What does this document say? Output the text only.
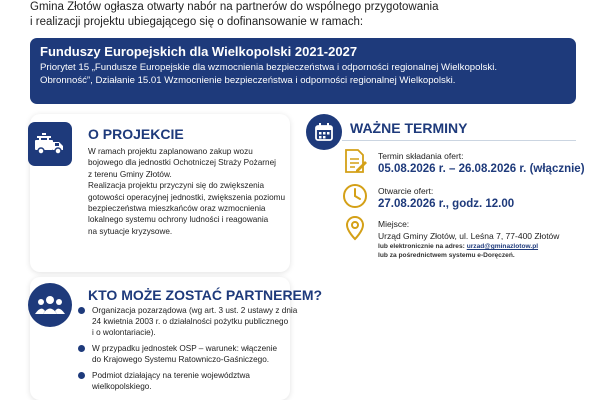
Gmina Złotów ogłasza otwarty nabór na partnerów do wspólnego przygotowania
i realizacji projektu ubiegającego się o dofinansowanie w ramach:
Funduszy Europejskich dla Wielkopolski 2021-2027
Priorytet 15 „Fundusze Europejskie dla wzmocnienia bezpieczeństwa i odporności regionalnej Wielkopolski.
Obronność”, Działanie 15.01 Wzmocnienie bezpieczeństwa i odporności regionalnej Wielkopolski.
O PROJEKCIE
W ramach projektu zaplanowano zakup wozu
bojowego dla jednostki Ochotniczej Straży Pożarnej
z terenu Gminy Złotów.
Realizacja projektu przyczyni się do zwiększenia
gotowości operacyjnej jednostki, zwiększenia poziomu
bezpieczeństwa mieszkańców oraz wzmocnienia
lokalnego systemu ochrony ludności i reagowania
na sytuacje kryzysowe.
KTO MOŻE ZOSTAĆ PARTNEREM?
Organizacja pozarządowa (wg art. 3 ust. 2 ustawy z dnia
24 kwietnia 2003 r. o działalności pożytku publicznego
i o wolontariacie).
W przypadku jednostek OSP – warunek: włączenie
do Krajowego Systemu Ratowniczo-Gaśniczego.
Podmiot działający na terenie województwa
wielkopolskiego.
WAŻNE TERMINY
Termin składania ofert:
05.08.2026 r. – 26.08.2026 r. (włącznie)
Otwarcie ofert:
27.08.2026 r., godz. 12.00
Miejsce:
Urząd Gminy Złotów, ul. Leśna 7, 77-400 Złotów
lub elektronicznie na adres: urzad@gminazlotow.pl
lub za pośrednictwem systemu e-Doręczeń.
